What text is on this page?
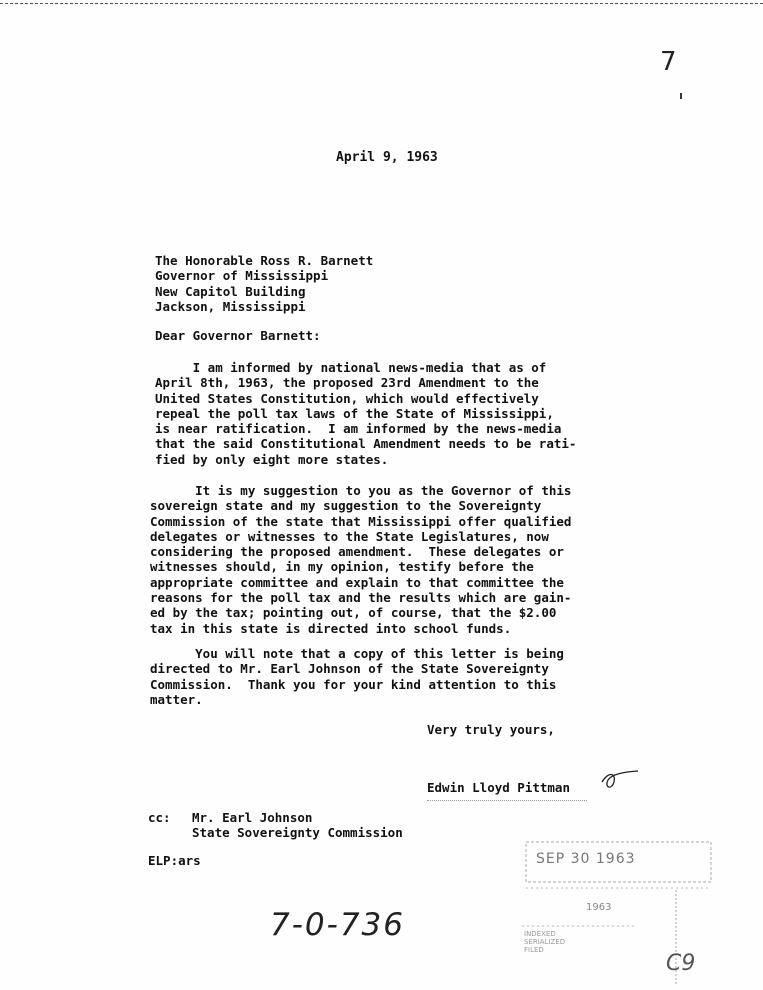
7
April 9, 1963
The Honorable Ross R. Barnett
Governor of Mississippi
New Capitol Building
Jackson, Mississippi
Dear Governor Barnett:
I am informed by national news-media that as of
April 8th, 1963, the proposed 23rd Amendment to the
United States Constitution, which would effectively
repeal the poll tax laws of the State of Mississippi,
is near ratification.  I am informed by the news-media
that the said Constitutional Amendment needs to be rati-
fied by only eight more states.
It is my suggestion to you as the Governor of this
sovereign state and my suggestion to the Sovereignty
Commission of the state that Mississippi offer qualified
delegates or witnesses to the State Legislatures, now
considering the proposed amendment.  These delegates or
witnesses should, in my opinion, testify before the
appropriate committee and explain to that committee the
reasons for the poll tax and the results which are gain-
ed by the tax; pointing out, of course, that the $2.00
tax in this state is directed into school funds.
You will note that a copy of this letter is being
directed to Mr. Earl Johnson of the State Sovereignty
Commission.  Thank you for your kind attention to this
matter.
Very truly yours,
Edwin Lloyd Pittman
cc: Mr. Earl Johnson
State Sovereignty Commission
ELP:ars
7-0-736
SEP 30 1963
1963
INDEXED
SERIALIZED
FILED
C9
